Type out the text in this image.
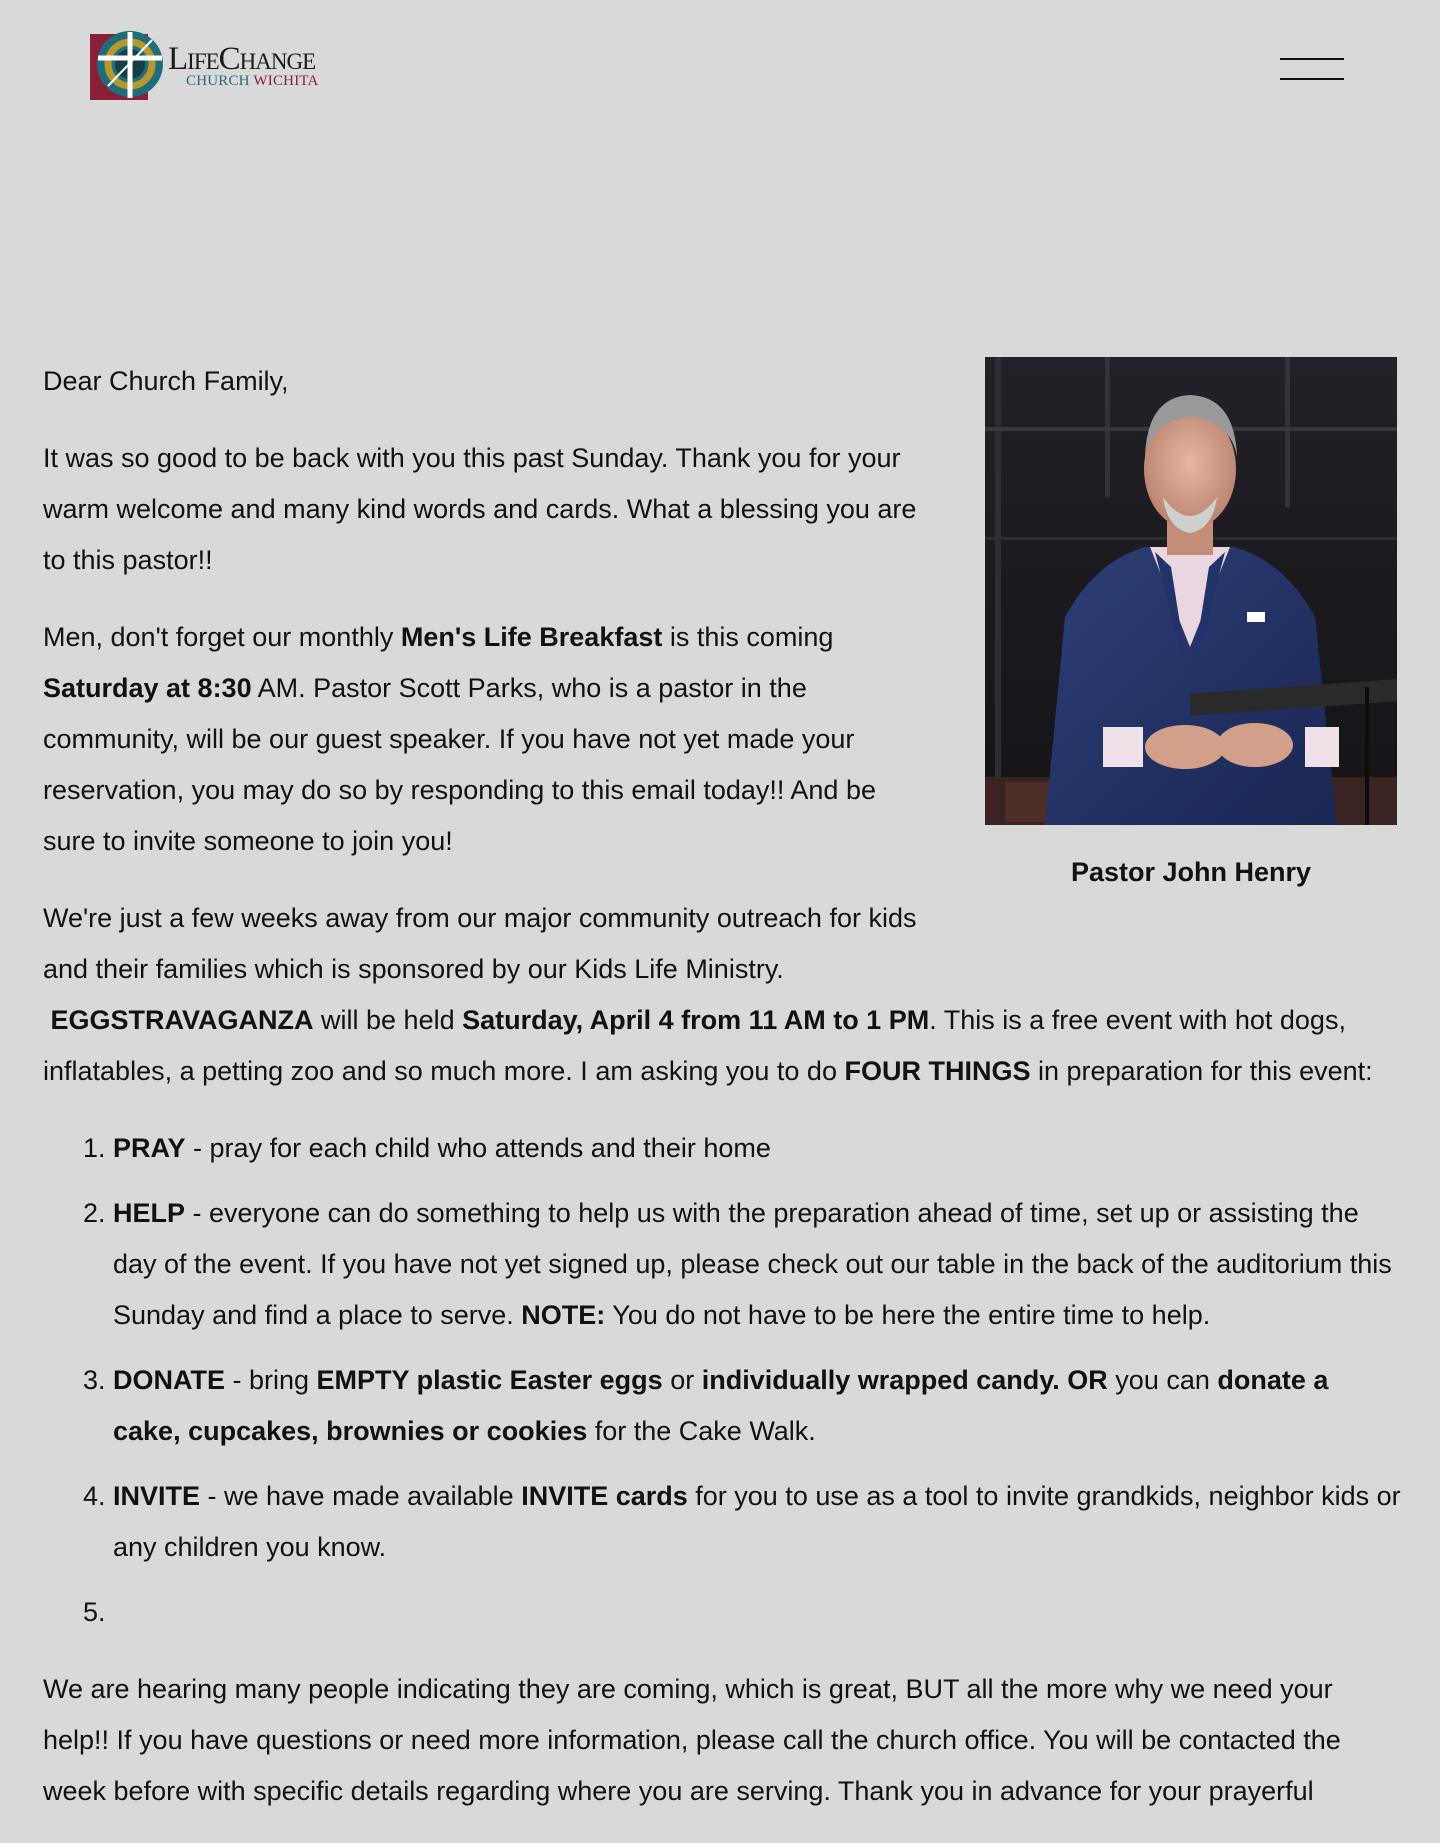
LifeChange
CHURCH WICHITA
Pastor John Henry

Dear Church Family,

It was so good to be back with you this past Sunday. Thank you for your warm welcome and many kind words and cards. What a blessing you are to this pastor!!

Men, don't forget our monthly Men's Life Breakfast is this coming Saturday at 8:30 AM. Pastor Scott Parks, who is a pastor in the community, will be our guest speaker. If you have not yet made your reservation, you may do so by responding to this email today!! And be sure to invite someone to join you!

We're just a few weeks away from our major community outreach for kids and their families which is sponsored by our Kids Life Ministry.
EGGSTRAVAGANZA will be held Saturday, April 4 from 11 AM to 1 PM. This is a free event with hot dogs, inflatables, a petting zoo and so much more. I am asking you to do FOUR THINGS in preparation for this event:

1. PRAY - pray for each child who attends and their home
2. HELP - everyone can do something to help us with the preparation ahead of time, set up or assisting the day of the event. If you have not yet signed up, please check out our table in the back of the auditorium this Sunday and find a place to serve. NOTE: You do not have to be here the entire time to help.
3. DONATE - bring EMPTY plastic Easter eggs or individually wrapped candy. OR you can donate a cake, cupcakes, brownies or cookies for the Cake Walk.
4. INVITE - we have made available INVITE cards for you to use as a tool to invite grandkids, neighbor kids or any children you know.
5.

We are hearing many people indicating they are coming, which is great, BUT all the more why we need your help!! If you have questions or need more information, please call the church office. You will be contacted the week before with specific details regarding where you are serving. Thank you in advance for your prayerful
